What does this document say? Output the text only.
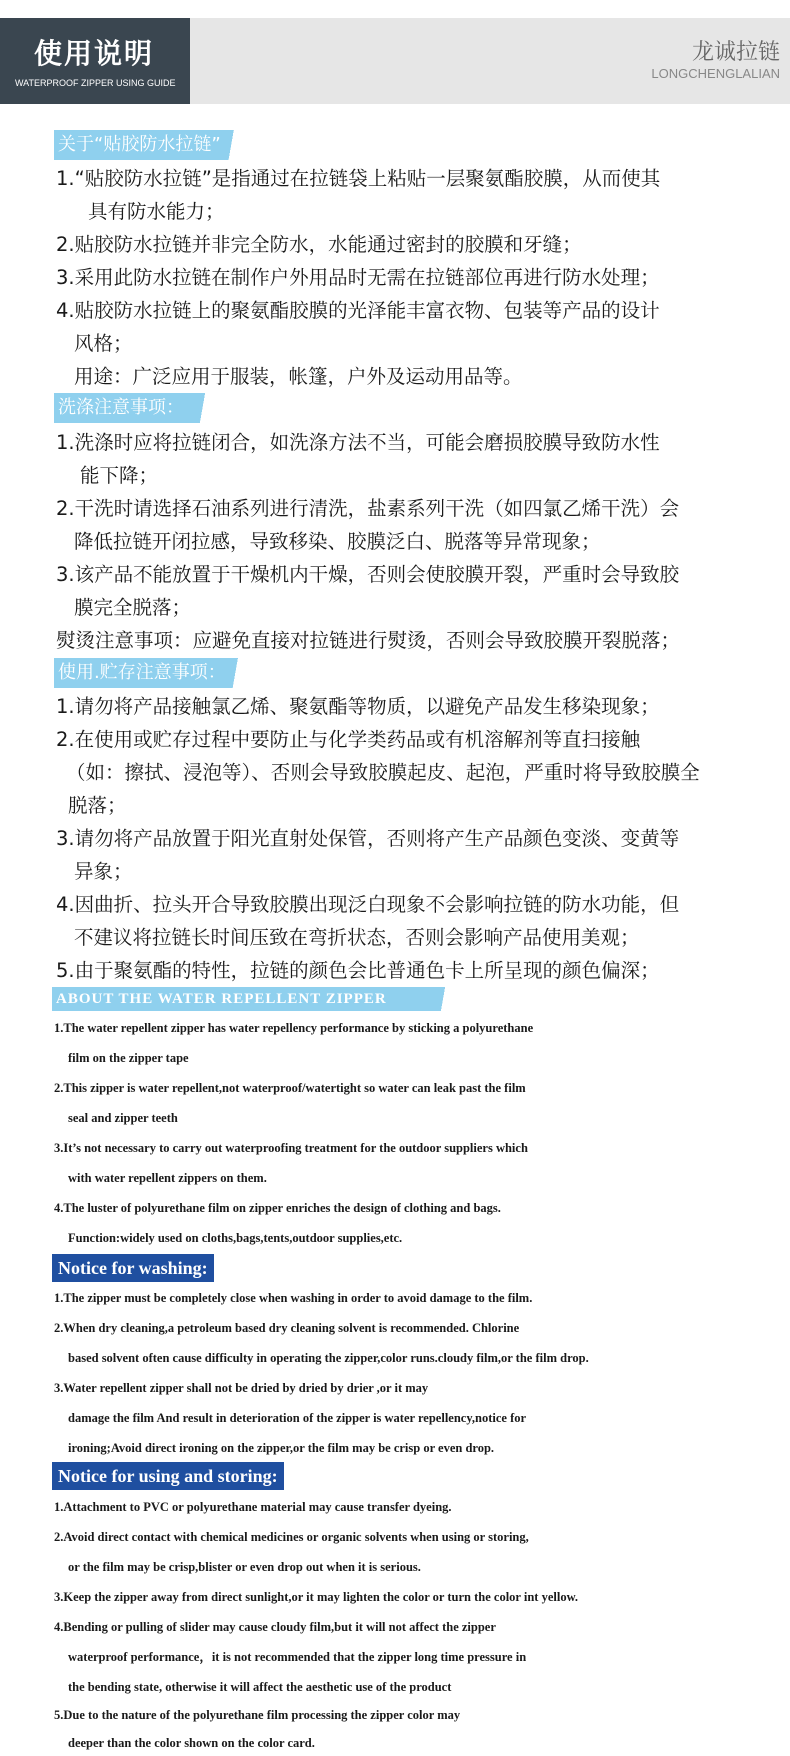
使用说明
WATERPROOF ZIPPER USING GUIDE
龙诚拉链
LONGCHENGLALIAN
关于“贴胶防水拉链”
1.“贴胶防水拉链”是指通过在拉链袋上粘贴一层聚氨酯胶膜，从而使其
具有防水能力；
2.贴胶防水拉链并非完全防水，水能通过密封的胶膜和牙缝；
3.采用此防水拉链在制作户外用品时无需在拉链部位再进行防水处理；
4.贴胶防水拉链上的聚氨酯胶膜的光泽能丰富衣物、包装等产品的设计
风格；
用途：广泛应用于服装，帐篷，户外及运动用品等。
洗涤注意事项：
1.洗涤时应将拉链闭合，如洗涤方法不当，可能会磨损胶膜导致防水性
能下降；
2.干洗时请选择石油系列进行清洗，盐素系列干洗（如四氯乙烯干洗）会
降低拉链开闭拉感，导致移染、胶膜泛白、脱落等异常现象；
3.该产品不能放置于干燥机内干燥，否则会使胶膜开裂，严重时会导致胶
膜完全脱落；
熨烫注意事项：应避免直接对拉链进行熨烫，否则会导致胶膜开裂脱落；
使用.贮存注意事项：
1.请勿将产品接触氯乙烯、聚氨酯等物质，以避免产品发生移染现象；
2.在使用或贮存过程中要防止与化学类药品或有机溶解剂等直扫接触
（如：擦拭、浸泡等）、否则会导致胶膜起皮、起泡，严重时将导致胶膜全
脱落；
3.请勿将产品放置于阳光直射处保管，否则将产生产品颜色变淡、变黄等
异象；
4.因曲折、拉头开合导致胶膜出现泛白现象不会影响拉链的防水功能，但
不建议将拉链长时间压致在弯折状态，否则会影响产品使用美观；
5.由于聚氨酯的特性，拉链的颜色会比普通色卡上所呈现的颜色偏深；
ABOUT THE WATER REPELLENT ZIPPER
1.The water repellent zipper has water repellency performance by sticking a polyurethane
film on the zipper tape
2.This zipper is water repellent,not waterproof/watertight so water can leak past the film
seal and zipper teeth
3.It’s not necessary to carry out waterproofing treatment for the outdoor suppliers which
with water repellent zippers on them.
4.The luster of polyurethane film on zipper enriches the design of clothing and bags.
Function:widely used on cloths,bags,tents,outdoor supplies,etc.
Notice for washing:
1.The zipper must be completely close when washing in order to avoid damage to the film.
2.When dry cleaning,a petroleum based dry cleaning solvent is recommended. Chlorine
based solvent often cause difficulty in operating the zipper,color runs.cloudy film,or the film drop.
3.Water repellent zipper shall not be dried by dried by drier ,or it may
damage the film And result in deterioration of the zipper is water repellency,notice for
ironing;Avoid direct ironing on the zipper,or the film may be crisp or even drop.
Notice for using and storing:
1.Attachment to PVC or polyurethane material may cause transfer dyeing.
2.Avoid direct contact with chemical medicines or organic solvents when using or storing,
or the film may be crisp,blister or even drop out when it is serious.
3.Keep the zipper away from direct sunlight,or it may lighten the color or turn the color int yellow.
4.Bending or pulling of slider may cause cloudy film,but it will not affect the zipper
waterproof performance，it is not recommended that the zipper long time pressure in
the bending state, otherwise it will affect the aesthetic use of the product
5.Due to the nature of the polyurethane film processing the zipper color may
deeper than the color shown on the color card.
